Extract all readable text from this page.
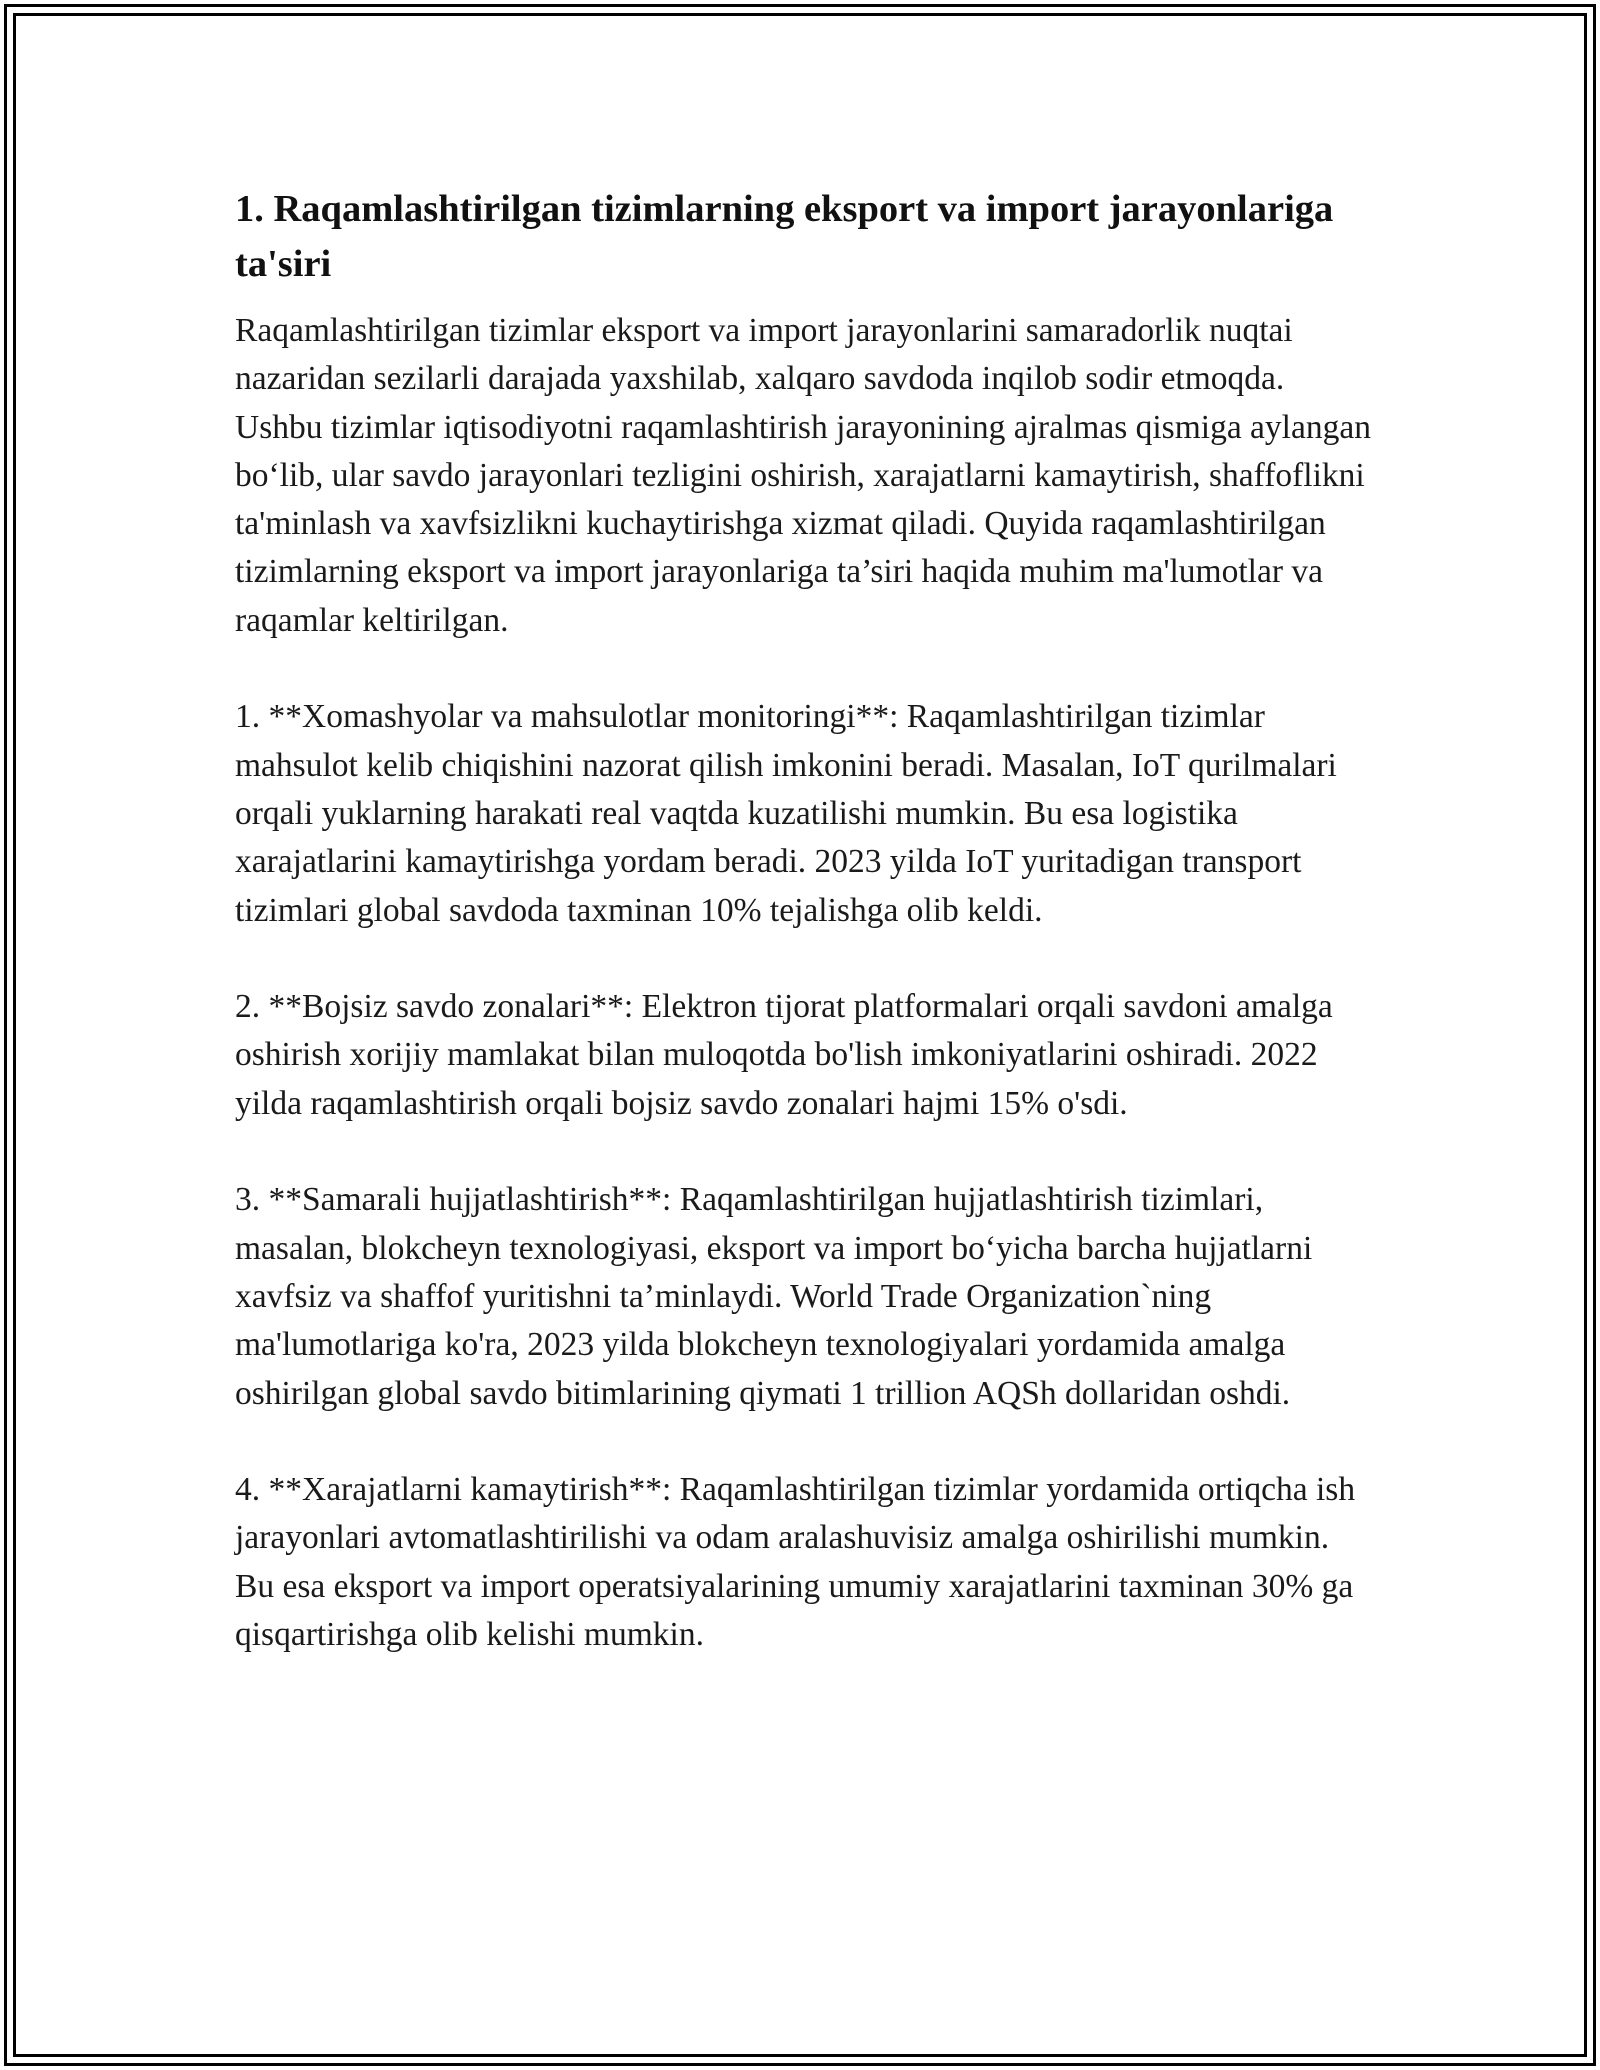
1. Raqamlashtirilgan tizimlarning eksport va import jarayonlariga ta'siri

Raqamlashtirilgan tizimlar eksport va import jarayonlarini samaradorlik nuqtai nazaridan sezilarli darajada yaxshilab, xalqaro savdoda inqilob sodir etmoqda. Ushbu tizimlar iqtisodiyotni raqamlashtirish jarayonining ajralmas qismiga aylangan bo‘lib, ular savdo jarayonlari tezligini oshirish, xarajatlarni kamaytirish, shaffoflikni ta'minlash va xavfsizlikni kuchaytirishga xizmat qiladi. Quyida raqamlashtirilgan tizimlarning eksport va import jarayonlariga ta’siri haqida muhim ma'lumotlar va raqamlar keltirilgan.

1. **Xomashyolar va mahsulotlar monitoringi**: Raqamlashtirilgan tizimlar mahsulot kelib chiqishini nazorat qilish imkonini beradi. Masalan, IoT qurilmalari orqali yuklarning harakati real vaqtda kuzatilishi mumkin. Bu esa logistika xarajatlarini kamaytirishga yordam beradi. 2023 yilda IoT yuritadigan transport tizimlari global savdoda taxminan 10% tejalishga olib keldi.

2. **Bojsiz savdo zonalari**: Elektron tijorat platformalari orqali savdoni amalga oshirish xorijiy mamlakat bilan muloqotda bo'lish imkoniyatlarini oshiradi. 2022 yilda raqamlashtirish orqali bojsiz savdo zonalari hajmi 15% o'sdi.

3. **Samarali hujjatlashtirish**: Raqamlashtirilgan hujjatlashtirish tizimlari, masalan, blokcheyn texnologiyasi, eksport va import bo‘yicha barcha hujjatlarni xavfsiz va shaffof yuritishni ta’minlaydi. World Trade Organization`ning ma'lumotlariga ko'ra, 2023 yilda blokcheyn texnologiyalari yordamida amalga oshirilgan global savdo bitimlarining qiymati 1 trillion AQSh dollaridan oshdi.

4. **Xarajatlarni kamaytirish**: Raqamlashtirilgan tizimlar yordamida ortiqcha ish jarayonlari avtomatlashtirilishi va odam aralashuvisiz amalga oshirilishi mumkin. Bu esa eksport va import operatsiyalarining umumiy xarajatlarini taxminan 30% ga qisqartirishga olib kelishi mumkin.
